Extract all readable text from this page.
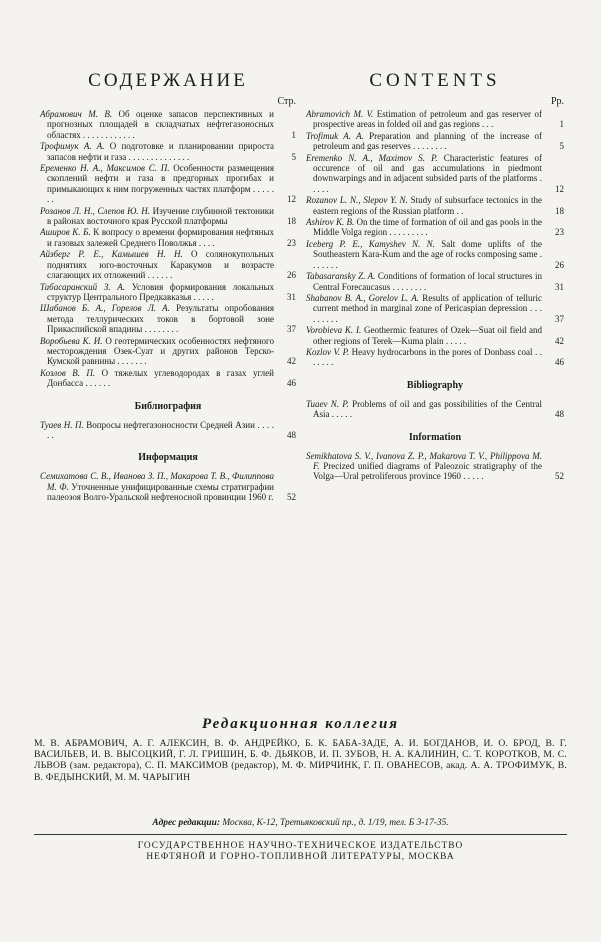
СОДЕРЖАНИЕ
Стр.
Абрамович М. В. Об оценке запасов перспективных и прогнозных площадей в складчатых нефтегазоносных областях . . . . . . . . . . . .	1
Трофимук А. А. О подготовке и планировании прироста запасов нефти и газа . . . . . . . . . . . . . .	5
Еременко Н. А., Максимов С. П. Особенности размещения скоплений нефти и газа в предгорных прогибах и примыкающих к ним погруженных частях платформ . . . . . . .	12
Розанов Л. Н., Слепов Ю. Н. Изучение глубинной тектоники в районах восточного края Русской платформы	18
Аширов К. Б. К вопросу о времени формирования нефтяных и газовых залежей Среднего Поволжья . . . .	23
Айзберг Р. Е., Камышев Н. Н. О солянокупольных поднятиях юго-восточных Каракумов и возрасте слагающих их отложений . . . . . .	26
Табасаранский З. А. Условия формирования локальных структур Центрального Предкавказья . . . . .	31
Шабанов Б. А., Горелов Л. А. Результаты опробования метода теллурических токов в бортовой зоне Прикаспийской впадины . . . . . . . .	37
Воробьева К. И. О геотермических особенностях нефтяного месторождения Озек-Суат и других районов Терско-Кумской равнины . . . . . . .	42
Козлов В. П. О тяжелых углеводородах в газах углей Донбасса . . . . . .	46
Библиография
Туаев Н. П. Вопросы нефтегазоносности Средней Азии . . . . . .	48
Информация
Семихатова С. В., Иванова З. П., Макарова Т. В., Филиппова М. Ф. Уточненные унифицированные схемы стратиграфии палеозоя Волго-Уральской нефтеносной провинции 1960 г.	52
CONTENTS
Pp.
Abramovich M. V. Estimation of petroleum and gas reserver of prospective areas in folded oil and gas regions . . .	1
Trofimuk A. A. Preparation and planning of the increase of petroleum and gas reserves . . . . . . . .	5
Eremenko N. A., Maximov S. P. Characteristic features of occurence of oil and gas accumulations in piedmont downwarpings and in adjacent subsided parts of the platforms . . . . .	12
Rozanov L. N., Slepov Y. N. Study of subsurface tectonics in the eastern regions of the Russian platform . .	18
Ashirov K. B. On the time of formation of oil and gas pools in the Middle Volga region . . . . . . . . .	23
Iceberg P. E., Kamyshev N. N. Salt dome uplifts of the Southeastern Kara-Kum and the age of rocks composing same . . . . . . .	26
Tabasaransky Z. A. Conditions of formation of local structures in Central Forecaucasus . . . . . . . .	31
Shabanov B. A., Gorelov L. A. Results of application of telluric current method in marginal zone of Pericaspian depression . . . . . . . . .	37
Vorobieva K. I. Geothermic features of Ozek—Suat oil field and other regions of Terek—Kuma plain . . . . .	42
Kozlov V. P. Heavy hydrocarbons in the pores of Donbass coal . . . . . . .	46
Bibliography
Tuaev N. P. Problems of oil and gas possibilities of the Central Asia . . . . .	48
Information
Semikhatova S. V., Ivanova Z. P., Makarova T. V., Philippova M. F. Precized unified diagrams of Paleozoic stratigraphy of the Volga—Ural petroliferous province 1960 . . . . .	52
Редакционная коллегия
М. В. АБРАМОВИЧ, А. Г. АЛЕКСИН, В. Ф. АНДРЕЙКО, Б. К. БАБА-ЗАДЕ, А. И. БОГДАНОВ, И. О. БРОД, В. Г. ВАСИЛЬЕВ, И. В. ВЫСОЦКИЙ, Г. Л. ГРИШИН, Б. Ф. ДЬЯКОВ, И. П. ЗУБОВ, Н. А. КАЛИНИН, С. Т. КОРОТКОВ, М. С. ЛЬВОВ (зам. редактора), С. П. МАКСИМОВ (редактор), М. Ф. МИРЧИНК, Г. П. ОВАНЕСОВ, акад. А. А. ТРОФИМУК, В. В. ФЕДЫНСКИЙ, М. М. ЧАРЫГИН
Адрес редакции: Москва, К-12, Третьяковский пр., д. 1/19, тел. Б 3-17-35.
ГОСУДАРСТВЕННОЕ НАУЧНО-ТЕХНИЧЕСКОЕ ИЗДАТЕЛЬСТВО
НЕФТЯНОЙ И ГОРНО-ТОПЛИВНОЙ ЛИТЕРАТУРЫ, МОСКВА
